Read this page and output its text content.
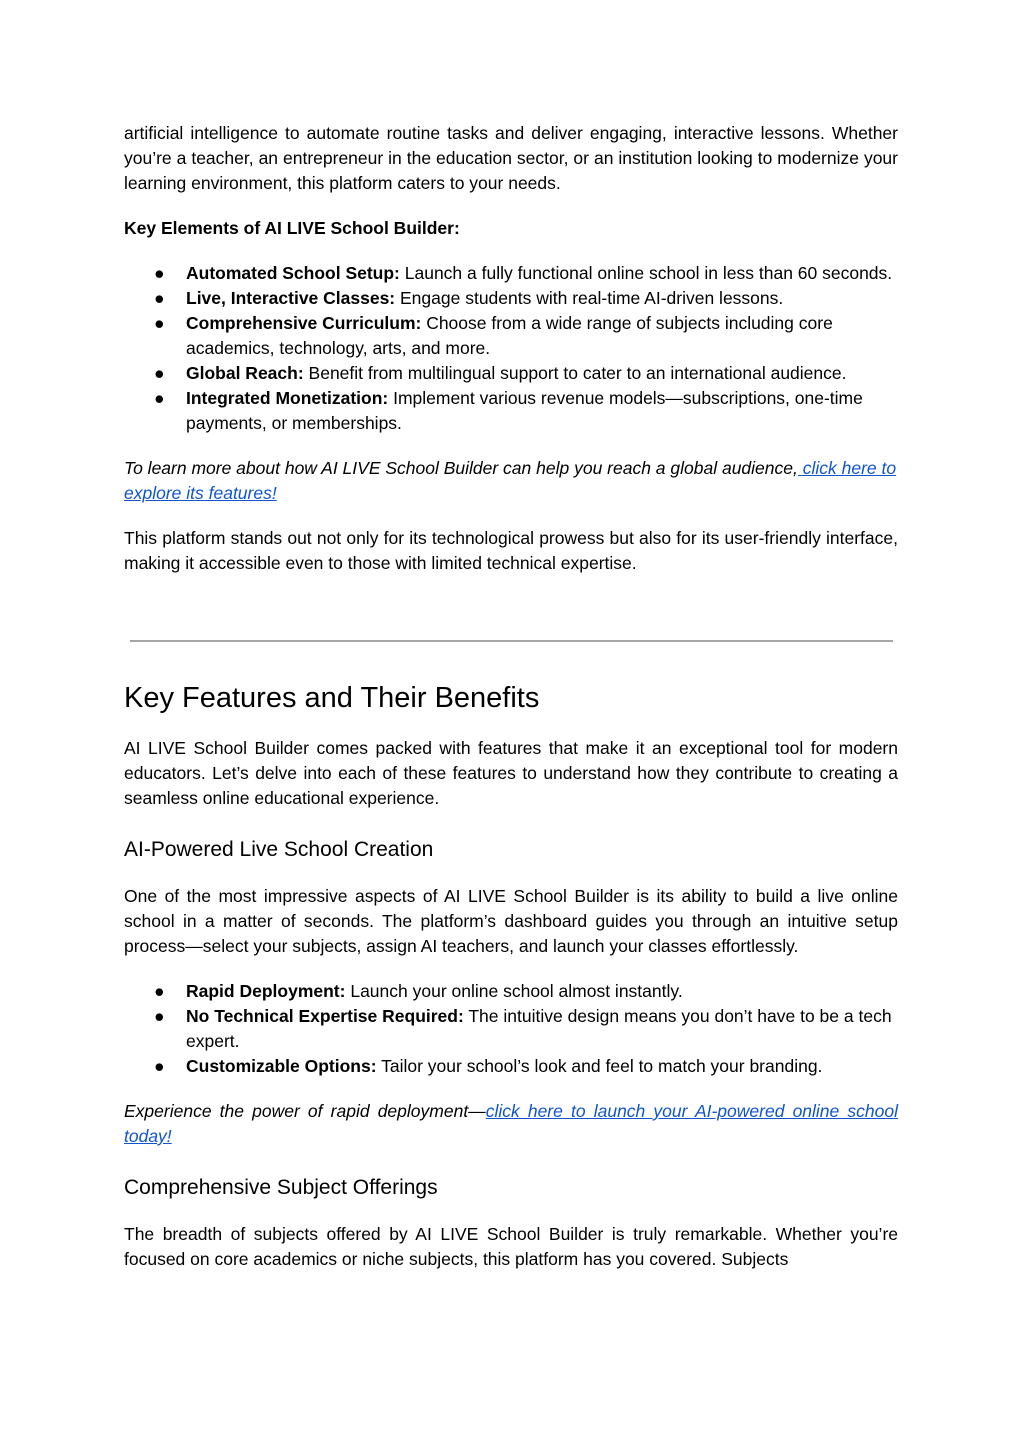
artificial intelligence to automate routine tasks and deliver engaging, interactive lessons. Whether you’re a teacher, an entrepreneur in the education sector, or an institution looking to modernize your learning environment, this platform caters to your needs.

Key Elements of AI LIVE School Builder:

● Automated School Setup: Launch a fully functional online school in less than 60 seconds.
● Live, Interactive Classes: Engage students with real‑time AI‑driven lessons.
● Comprehensive Curriculum: Choose from a wide range of subjects including core academics, technology, arts, and more.
● Global Reach: Benefit from multilingual support to cater to an international audience.
● Integrated Monetization: Implement various revenue models—subscriptions, one‑time payments, or memberships.

To learn more about how AI LIVE School Builder can help you reach a global audience, click here to explore its features!

This platform stands out not only for its technological prowess but also for its user‑friendly interface, making it accessible even to those with limited technical expertise.

Key Features and Their Benefits

AI LIVE School Builder comes packed with features that make it an exceptional tool for modern educators. Let’s delve into each of these features to understand how they contribute to creating a seamless online educational experience.

AI‑Powered Live School Creation

One of the most impressive aspects of AI LIVE School Builder is its ability to build a live online school in a matter of seconds. The platform’s dashboard guides you through an intuitive setup process—select your subjects, assign AI teachers, and launch your classes effortlessly.

● Rapid Deployment: Launch your online school almost instantly.
● No Technical Expertise Required: The intuitive design means you don’t have to be a tech expert.
● Customizable Options: Tailor your school’s look and feel to match your branding.

Experience the power of rapid deployment—click here to launch your AI‑powered online school today!

Comprehensive Subject Offerings

The breadth of subjects offered by AI LIVE School Builder is truly remarkable. Whether you’re focused on core academics or niche subjects, this platform has you covered. Subjects
